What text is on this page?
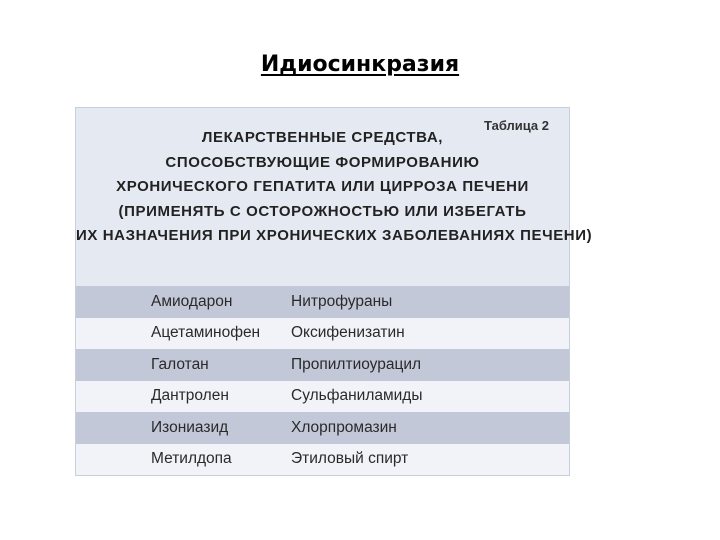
Идиосинкразия
Таблица 2
ЛЕКАРСТВЕННЫЕ СРЕДСТВА,
СПОСОБСТВУЮЩИЕ ФОРМИРОВАНИЮ
ХРОНИЧЕСКОГО ГЕПАТИТА ИЛИ ЦИРРОЗА ПЕЧЕНИ
(ПРИМЕНЯТЬ С ОСТОРОЖНОСТЬЮ ИЛИ ИЗБЕГАТЬ
ИХ НАЗНАЧЕНИЯ ПРИ ХРОНИЧЕСКИХ ЗАБОЛЕВАНИЯХ ПЕЧЕНИ)
Амиодарон	Нитрофураны
Ацетаминофен	Оксифенизатин
Галотан	Пропилтиоурацил
Дантролен	Сульфаниламиды
Изониазид	Хлорпромазин
Метилдопа	Этиловый спирт
